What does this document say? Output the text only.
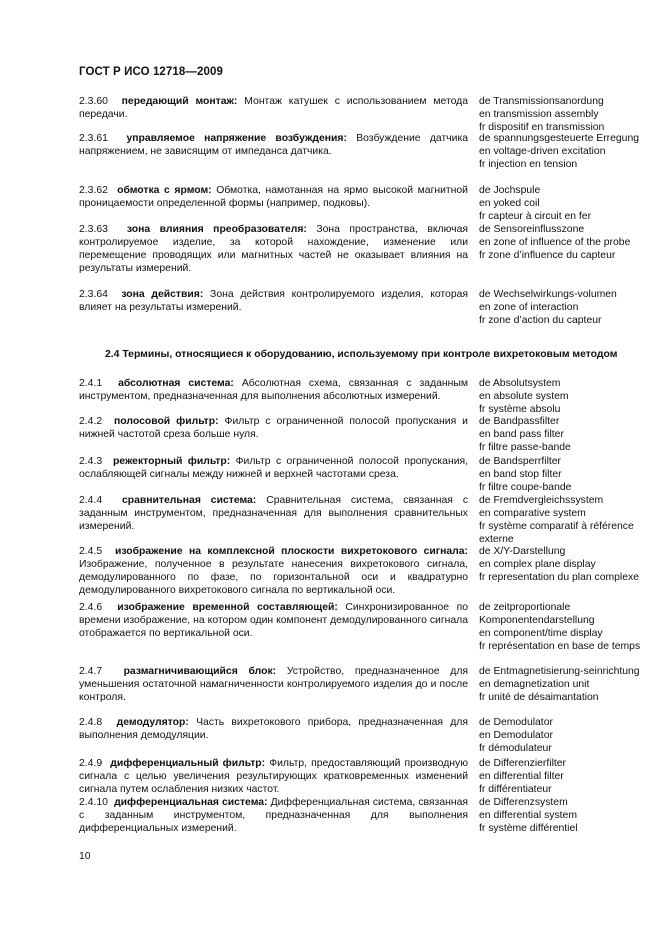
ГОСТ Р ИСО 12718—2009
2.3.60 передающий монтаж: Монтаж катушек с использованием метода передачи.
de Transmissionsanordung
en transmission assembly
fr dispositif en transmission
2.3.61 управляемое напряжение возбуждения: Возбуждение датчика напряжением, не зависящим от импеданса датчика.
de spannungsgesteuerte Erregung
en voltage-driven excitation
fr injection en tension
2.3.62 обмотка с ярмом: Обмотка, намотанная на ярмо высокой магнитной проницаемости определенной формы (например, подковы).
de Jochspule
en yoked coil
fr capteur à circuit en fer
2.3.63 зона влияния преобразователя: Зона пространства, включая контролируемое изделие, за которой нахождение, изменение или перемещение проводящих или магнитных частей не оказывает влияния на результаты измерений.
de Sensoreinflusszone
en zone of influence of the probe
fr zone d’influence du capteur
2.3.64 зона действия: Зона действия контролируемого изделия, которая влияет на результаты измерений.
de Wechselwirkungs-volumen
en zone of interaction
fr zone d’action du capteur
2.4.1 абсолютная система: Абсолютная схема, связанная с заданным инструментом, предназначенная для выполнения абсолютных измерений.
de Absolutsystem
en absolute system
fr système absolu
2.4.2 полосовой фильтр: Фильтр с ограниченной полосой пропускания и нижней частотой среза больше нуля.
de Bandpassfilter
en band pass filter
fr filtre passe-bande
2.4.3 режекторный фильтр: Фильтр с ограниченной полосой пропускания, ослабляющей сигналы между нижней и верхней частотами среза.
de Bandsperrfilter
en band stop filter
fr filtre coupe-bande
2.4.4 сравнительная система: Сравнительная система, связанная с заданным инструментом, предназначенная для выполнения сравнительных измерений.
de Fremdvergleichssystem
en comparative system
fr système comparatif à référence externe
2.4.5 изображение на комплексной плоскости вихретокового сигнала: Изображение, полученное в результате нанесения вихретокового сигнала, демодулированного по фазе, по горизонтальной оси и квадратурно демодулированного вихретокового сигнала по вертикальной оси.
de X/Y-Darstellung
en complex plane display
fr representation du plan complexe
2.4.6 изображение временной составляющей: Синхронизированное по времени изображение, на котором один компонент демодулированного сигнала отображается по вертикальной оси.
de zeitproportionale Komponentendarstellung
en component/time display
fr représentation en base de temps
2.4.7 размагничивающийся блок: Устройство, предназначенное для уменьшения остаточной намагниченности контролируемого изделия до и после контроля.
de Entmagnetisierung-seinrichtung
en demagnetization unit
fr unité de désaimantation
2.4.8 демодулятор: Часть вихретокового прибора, предназначенная для выполнения демодуляции.
de Demodulator
en Demodulator
fr démodulateur
2.4.9 дифференциальный фильтр: Фильтр, предоставляющий производную сигнала с целью увеличения результирующих кратковременных изменений сигнала путем ослабления низких частот.
de Differenzierfilter
en differential filter
fr différentiateur
2.4.10 дифференциальная система: Дифференциальная система, связанная с заданным инструментом, предназначенная для выполнения дифференциальных измерений.
de Differenzsystem
en differential system
fr système différentiel
2.4 Термины, относящиеся к оборудованию, используемому при контроле вихретоковым методом
10
